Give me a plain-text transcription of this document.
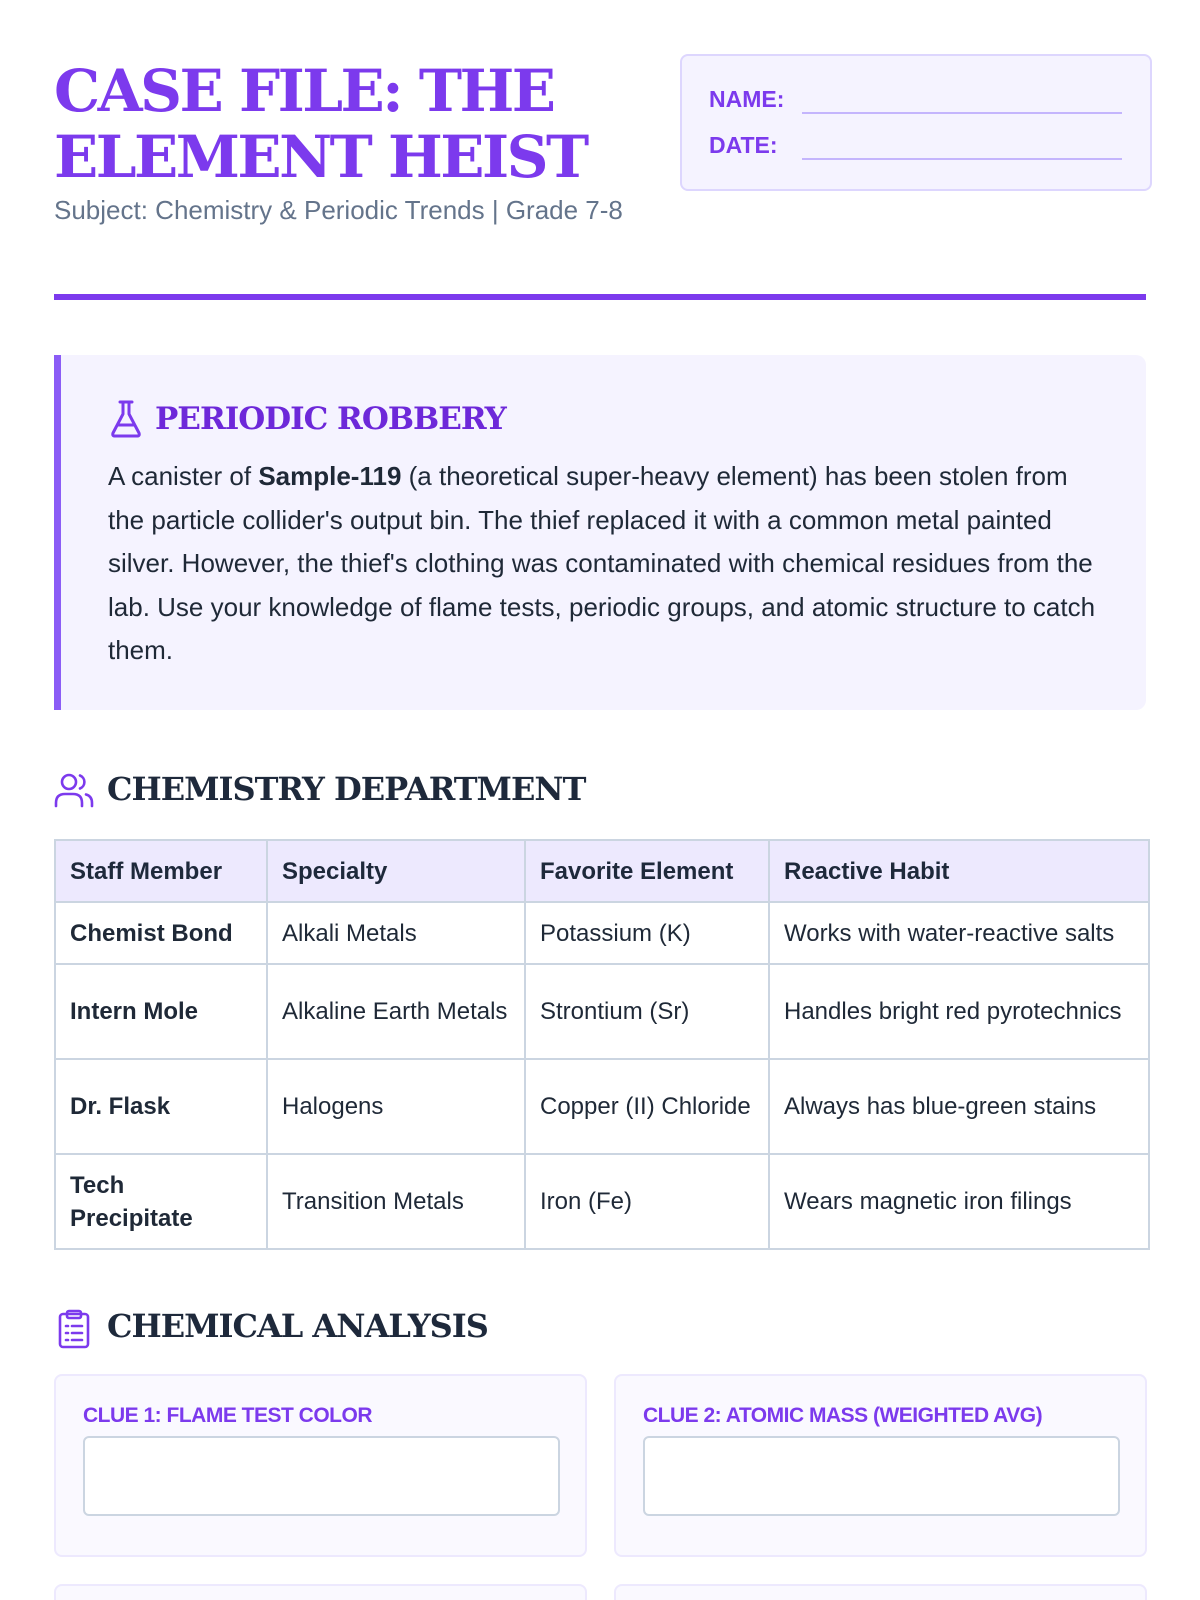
CASE FILE: THE ELEMENT HEIST
Subject: Chemistry & Periodic Trends | Grade 7-8
NAME:
DATE:
PERIODIC ROBBERY

A canister of Sample-119 (a theoretical super-heavy element) has been stolen from the particle collider's output bin. The thief replaced it with a common metal painted silver. However, the thief's clothing was contaminated with chemical residues from the lab. Use your knowledge of flame tests, periodic groups, and atomic structure to catch them.

CHEMISTRY DEPARTMENT
Staff Member	Specialty	Favorite Element	Reactive Habit
Chemist Bond	Alkali Metals	Potassium (K)	Works with water-reactive salts
Intern Mole	Alkaline Earth Metals	Strontium (Sr)	Handles bright red pyrotechnics
Dr. Flask	Halogens	Copper (II) Chloride	Always has blue-green stains
Tech Precipitate	Transition Metals	Iron (Fe)	Wears magnetic iron filings
CHEMICAL ANALYSIS
CLUE 1: FLAME TEST COLOR	CLUE 2: ATOMIC MASS (WEIGHTED AVG)
